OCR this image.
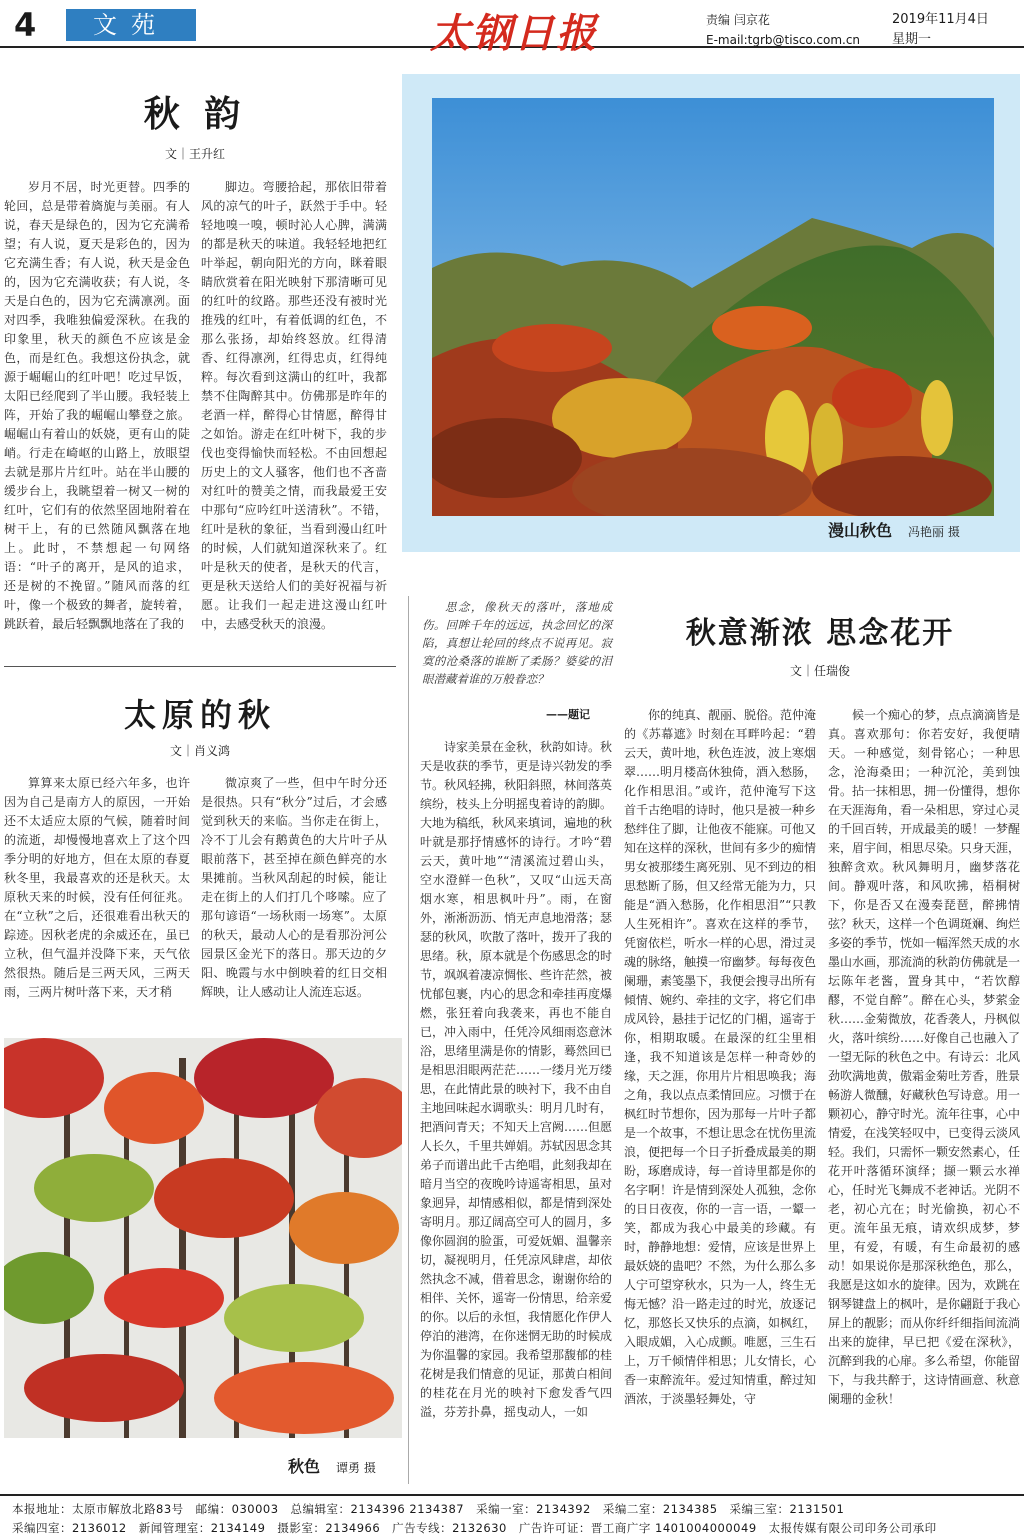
4	文苑	太钢日报	责编 闫京花
E-mail:tgrb@tisco.com.cn
2019年11月4日
星期一
秋 韵
文｜王升红

岁月不居，时光更替。四季的轮回，总是带着旖旎与美丽。有人说，春天是绿色的，因为它充满希望；有人说，夏天是彩色的，因为它充满生香；有人说，秋天是金色的，因为它充满收获；有人说，冬天是白色的，因为它充满凛冽。面对四季，我唯独偏爱深秋。在我的印象里，秋天的颜色不应该是金色，而是红色。我想这份执念，就源于崛崛山的红叶吧！吃过早饭，太阳已经爬到了半山腰。我轻装上阵，开始了我的崛崛山攀登之旅。崛崛山有着山的妖娆，更有山的陡峭。行走在崎岖的山路上，放眼望去就是那片片红叶。站在半山腰的缓步台上，我眺望着一树又一树的红叶，它们有的依然坚固地附着在树干上，有的已然随风飘落在地上。此时，不禁想起一句网络语：“叶子的离开，是风的追求，还是树的不挽留。”随风而落的红叶，像一个极致的舞者，旋转着，跳跃着，最后轻飘飘地落在了我的

脚边。弯腰拾起，那依旧带着风的凉气的叶子，跃然于手中。轻轻地嗅一嗅，顿时沁人心脾，满满的都是秋天的味道。我轻轻地把红叶举起，朝向阳光的方向，眯着眼睛欣赏着在阳光映射下那清晰可见的红叶的纹路。那些还没有被时光推残的红叶，有着低调的红色，不那么张扬，却始终怒放。红得清香、红得凛冽，红得忠贞，红得纯粹。每次看到这满山的红叶，我都禁不住陶醉其中。仿佛那是昨年的老酒一样，醉得心甘情愿，醉得甘之如饴。游走在红叶树下，我的步伐也变得愉快而轻松。不由回想起历史上的文人骚客，他们也不吝啬对红叶的赞美之情，而我最爱王安中那句“应吟红叶送清秋”。不错，红叶是秋的象征，当看到漫山红叶的时候，人们就知道深秋来了。红叶是秋天的使者，是秋天的代言，更是秋天送给人们的美好祝福与祈愿。让我们一起走进这漫山红叶中，去感受秋天的浪漫。

漫山秋色 冯艳丽 摄
思念，像秋天的落叶，落地成伤。回眸千年的远远，执念回忆的深陷，真想让轮回的终点不说再见。寂寞的沧桑落的谁断了柔肠？婆娑的泪眼潜藏着谁的万般眷恋？
——题记
秋意渐浓 思念花开
文｜任瑞俊

诗家美景在金秋，秋韵如诗。秋天是收获的季节，更是诗兴勃发的季节。秋风轻拂，秋阳斜照，林间落英缤纷，枝头上分明摇曳着诗的韵脚。大地为稿纸，秋风来填词，遍地的秋叶就是那抒情感怀的诗行。才吟“碧云天，黄叶地”“清溪流过碧山头，空水澄鲜一色秋”，又叹“山远天高烟水寒，相思枫叶丹”。雨，在窗外，淅淅沥沥、悄无声息地滑落；瑟瑟的秋风，吹散了落叶，拨开了我的思绪。秋，原本就是个伤感思念的时节，飒飒着凄凉惆怅、些许茫然，被忧郁包裹，内心的思念和牵挂再度爆燃，张狂着向我袭来，再也不能自已，冲入雨中，任凭冷风细雨恣意沐浴，思绪里满是你的情影，蓦然回已是相思泪眼两茫茫……一缕月光万缕思，在此情此景的映衬下，我不由自主地回味起水调歌头：明月几时有，把酒问青天；不知天上宫阙……但愿人长久，千里共婵娟。苏轼因思念其弟子而谱出此千古绝唱，此刻我却在暗月当空的夜晚吟诗遥寄相思，虽对象迥异，却情感相似，都是情到深处寄明月。那辽阔高空可人的圆月，多像你圆润的脸蛋，可爱妩媚、温馨亲切，凝视明月，任凭凉风肆虐，却依然执念不减，借着思念，谢谢你给的相伴、关怀，遥寄一份情思，给亲爱的你。以后的永恒，我情愿化作伊人停泊的港湾，在你迷惘无助的时候成为你温馨的家园。我希望那馥郁的桂花树是我们情意的见证，那黄白相间的桂花在月光的映衬下愈发香气四溢，芬芳扑鼻，摇曳动人，一如

你的纯真、靓丽、脱俗。范仲淹的《苏幕遮》时刻在耳畔吟起：“碧云天，黄叶地，秋色连波，波上寒烟翠……明月楼高休独倚，酒入愁肠，化作相思泪。”或许，范仲淹写下这首千古绝唱的诗时，他只是被一种乡愁绊住了脚，让他夜不能寐。可他又知在这样的深秋，世间有多少的痴情男女被那缕生离死别、见不到边的相思愁断了肠，但又经常无能为力，只能是“酒入愁肠，化作相思泪”“只教人生死相许”。喜欢在这样的季节，凭窗依栏，听水一样的心思，滑过灵魂的脉络，触摸一帘幽梦。每每夜色阑珊，素笺墨下，我便会搜寻出所有傾情、婉约、牵挂的文字，将它们串成风铃，悬挂于记忆的门楣，遥寄于你，相期取暖。在最深的红尘里相逢，我不知道该是怎样一种奇妙的缘，天之涯，你用片片相思唤我；海之角，我以点点柔情回应。习惯于在枫红时节想你，因为那每一片叶子都是一个故事，不想让思念在忧伤里流浪，便把每一个日子折叠成最美的期盼，琢磨成诗，每一首诗里都是你的名字啊！许是情到深处人孤独，念你的日日夜夜，你的一言一语，一颦一笑，都成为我心中最美的珍藏。有时，静静地想：爱情，应该是世界上最妖娆的蛊吧？不然，为什么那么多人宁可望穿秋水，只为一人，终生无悔无憾？沿一路走过的时光，放逐记忆，那悠长又快乐的点滴，如枫红，入眼成媚，入心成颤。唯愿，三生石上，万千倾情伴相思；儿女情长，心香一束醉流年。爱过知情重，醉过知酒浓，于淡墨轻舞处，守

候一个痴心的梦，点点滴滴皆是真。喜欢那句：你若安好，我便晴天。一种感觉，刻骨铭心；一种思念，沧海桑田；一种沉沦，美到蚀骨。拈一抹相思，拥一份懂得，想你在天涯海角，看一朵相思，穿过心灵的千回百转，开成最美的暖！一梦醒来，眉宇间，相思尽染。只身天涯，独醉贪欢。秋风舞明月，幽梦落花间。静观叶落，和风吹拂，梧桐树下，你是否又在漫奏琵琶，醉拂情弦？秋天，这样一个色调斑斓、绚烂多姿的季节，恍如一幅浑然天成的水墨山水画，那流淌的秋韵仿佛就是一坛陈年老酱，置身其中，“若饮醇醪，不觉自醉”。醉在心头，梦萦金秋……金菊微放，花香袭人，丹枫似火，落叶缤纷……好像自己也融入了一望无际的秋色之中。有诗云：北风劲吹满地黄，傲霜金菊吐芳香，胜景畅游人微醺，好藏秋色写诗意。用一颗初心，静守时光。流年往事，心中情爱，在浅笑轻叹中，已变得云淡风轻。我们，只需怀一颗安然素心，任花开叶落循环演绎；撷一颗云水禅心，任时光飞舞成不老神话。光阴不老，初心亢在；时光偷换，初心不更。流年虽无痕，请欢织成梦，梦里，有爱，有暖，有生命最初的感动！如果说你是那深秋绝色，那么，我愿是这如水的旋律。因为，欢跳在钢琴键盘上的枫叶，是你翩跹于我心屏上的靓影；而从你纤纤细指间流淌出来的旋律，早已把《爱在深秋》，沉醉到我的心扉。多么希望，你能留下，与我共醉于，这诗情画意、秋意阑珊的金秋！

太原的秋
文｜肖义鸿

算算来太原已经六年多，也许因为自己是南方人的原因，一开始还不太适应太原的气候，随着时间的流逝，却慢慢地喜欢上了这个四季分明的好地方，但在太原的春夏秋冬里，我最喜欢的还是秋天。太原秋天来的时候，没有任何征兆。在“立秋”之后，还很难看出秋天的踪迹。因秋老虎的余威还在，虽已立秋，但气温并没降下来，天气依然很热。随后是三两天风，三两天雨，三两片树叶落下来，天才稍

微凉爽了一些，但中午时分还是很热。只有“秋分”过后，才会感觉到秋天的来临。当你走在街上，冷不丁儿会有鹅黄色的大片叶子从眼前落下，甚至掉在颜色鲜亮的水果摊前。当秋风刮起的时候，能让走在街上的人们打几个哆嗦。应了那句谚语“一场秋雨一场寒”。太原的秋天，最动人心的是看那汾河公园景区金光下的落日。那天边的夕阳、晚霞与水中倒映着的红日交相辉映，让人感动让人流连忘返。

秋色 谭勇 摄
本报地址：太原市解放北路83号　邮编：030003　总编辑室：2134396 2134387　采编一室：2134392　采编二室：2134385　采编三室：2131501
采编四室：2136012　新闻管理室：2134149　摄影室：2134966　广告专线：2132630　广告许可证：晋工商广字 1401004000049　太报传媒有限公司印务公司承印
